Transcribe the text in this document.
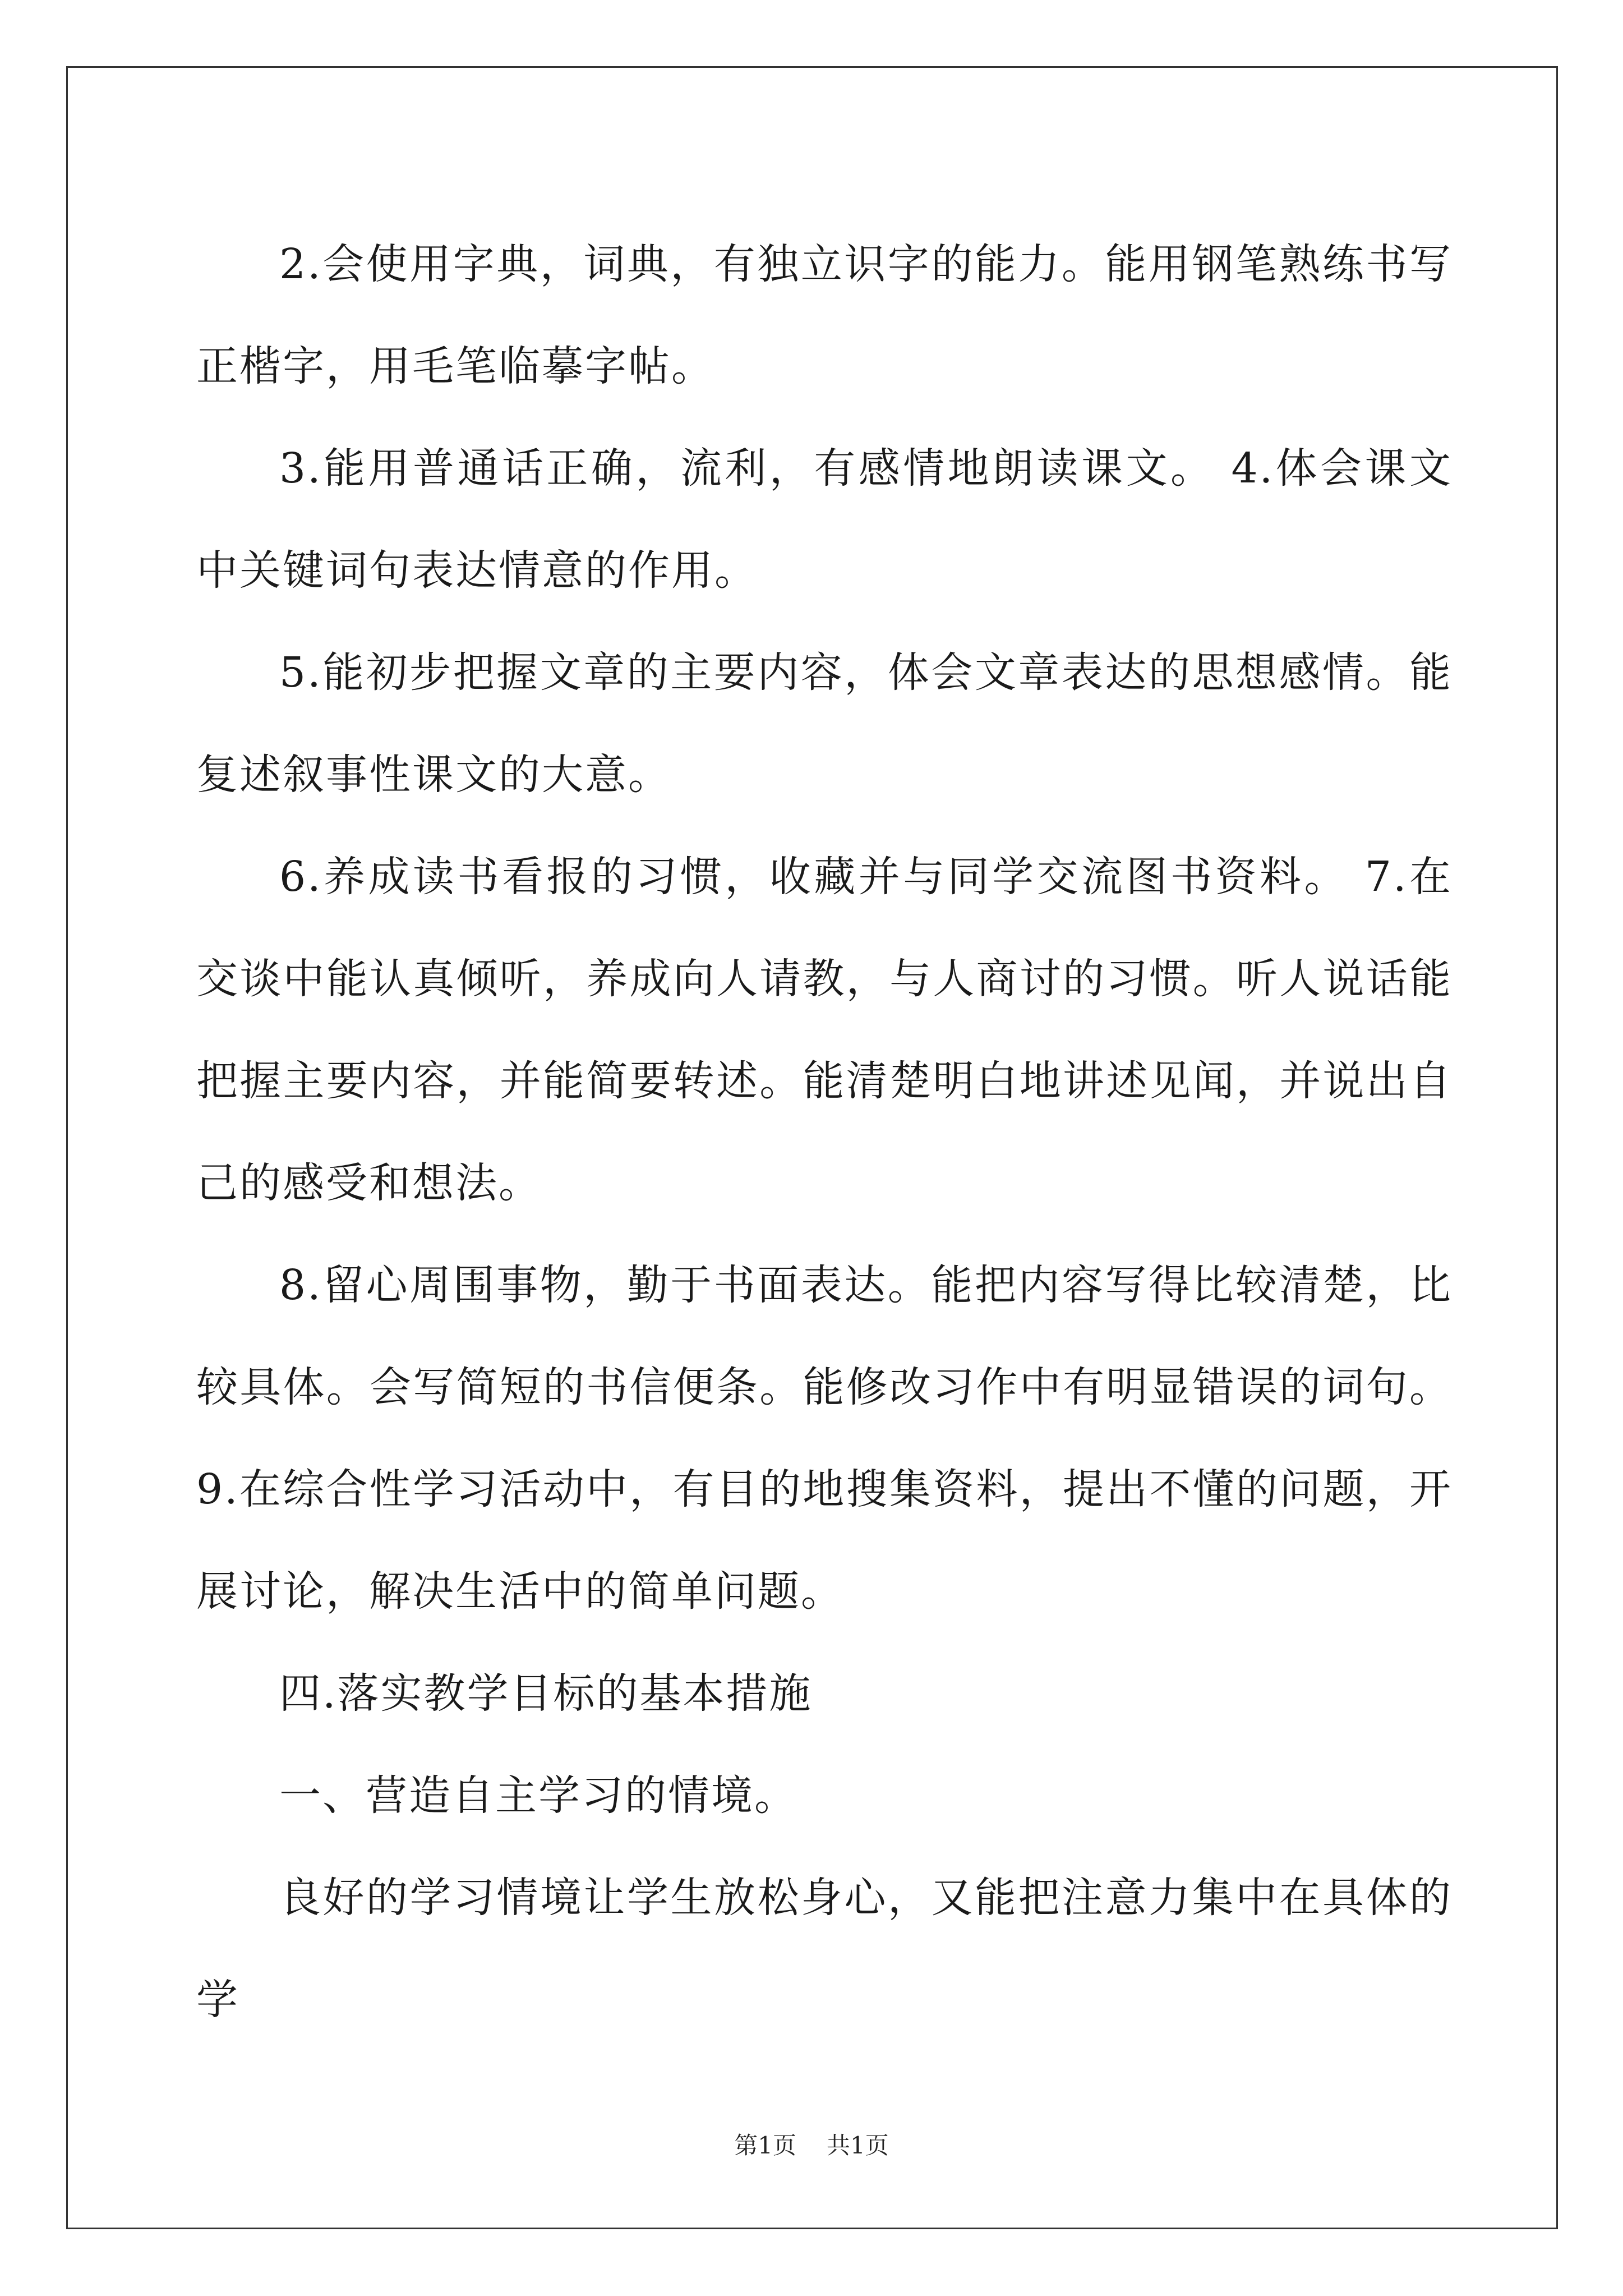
2.会使用字典，词典，有独立识字的能力。能用钢笔熟练书写正楷字，用毛笔临摹字帖。

3.能用普通话正确，流利，有感情地朗读课文。 4.体会课文中关键词句表达情意的作用。

5.能初步把握文章的主要内容，体会文章表达的思想感情。能复述叙事性课文的大意。

6.养成读书看报的习惯，收藏并与同学交流图书资料。 7.在交谈中能认真倾听，养成向人请教，与人商讨的习惯。听人说话能把握主要内容，并能简要转述。能清楚明白地讲述见闻，并说出自己的感受和想法。

8.留心周围事物，勤于书面表达。能把内容写得比较清楚，比较具体。会写简短的书信便条。能修改习作中有明显错误的词句。 9.在综合性学习活动中，有目的地搜集资料，提出不懂的问题，开展讨论，解决生活中的简单问题。

四.落实教学目标的基本措施

一、营造自主学习的情境。

良好的学习情境让学生放松身心，又能把注意力集中在具体的学

第1页 共1页
